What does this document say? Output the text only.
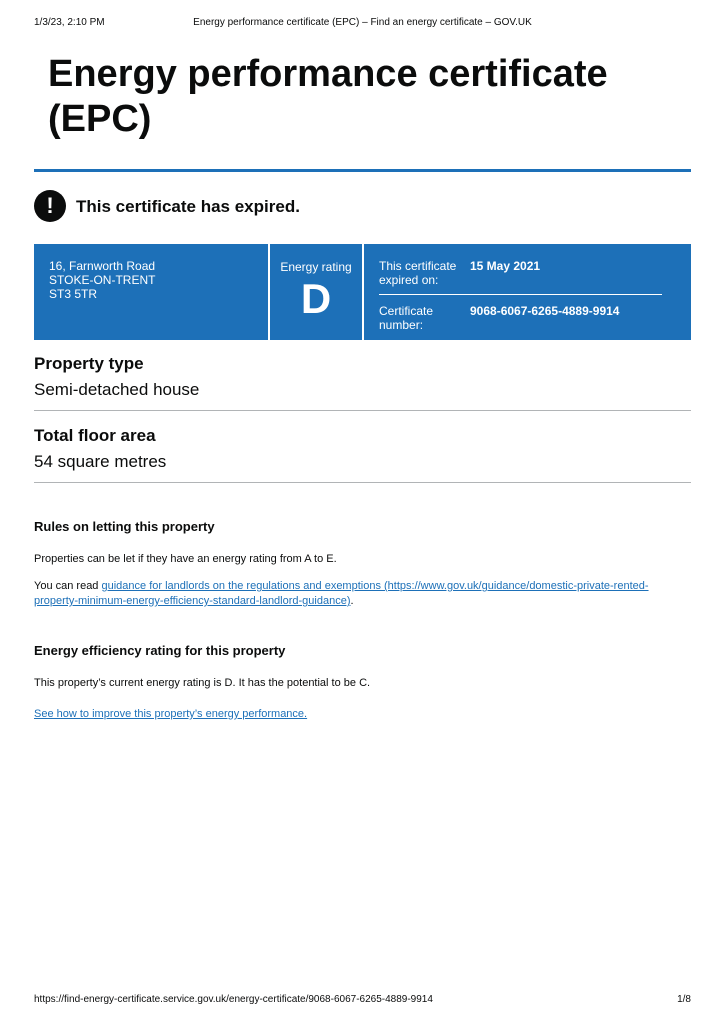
1/3/23, 2:10 PM	Energy performance certificate (EPC) – Find an energy certificate – GOV.UK
Energy performance certificate (EPC)
!	This certificate has expired.
16, Farnworth Road
STOKE-ON-TRENT
ST3 5TR
Energy rating
D
This certificate expired on:
15 May 2021
Certificate number:
9068-6067-6265-4889-9914
Property type
Semi-detached house
Total floor area
54 square metres
Rules on letting this property
Properties can be let if they have an energy rating from A to E.
You can read guidance for landlords on the regulations and exemptions (https://www.gov.uk/guidance/domestic-private-rented-property-minimum-energy-efficiency-standard-landlord-guidance).
Energy efficiency rating for this property
This property’s current energy rating is D. It has the potential to be C.
See how to improve this property’s energy performance.
https://find-energy-certificate.service.gov.uk/energy-certificate/9068-6067-6265-4889-9914	1/8
